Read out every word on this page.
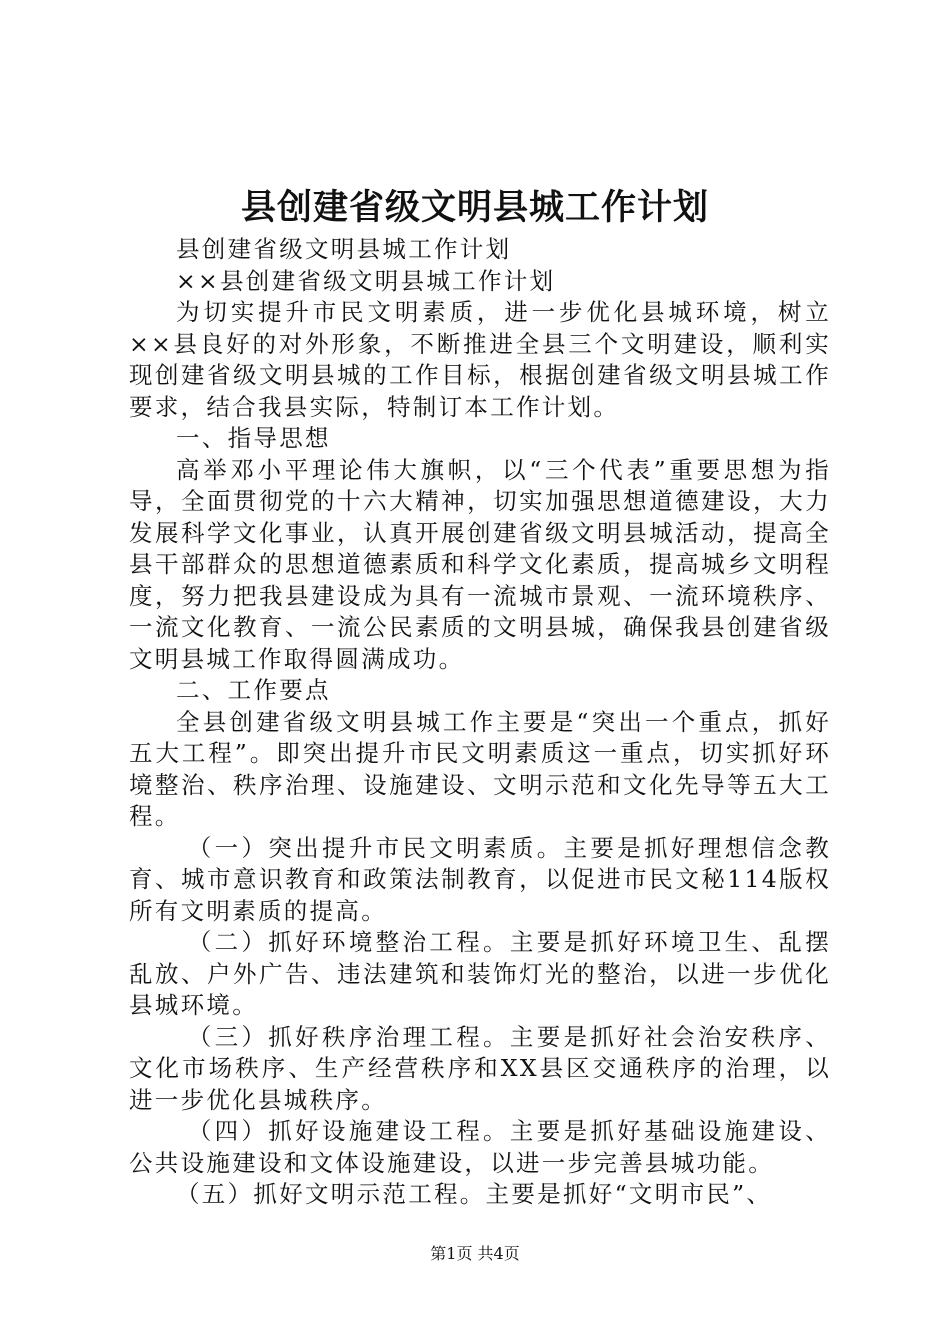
县创建省级文明县城工作计划

县创建省级文明县城工作计划

××县创建省级文明县城工作计划

为切实提升市民文明素质，进一步优化县城环境，树立××县良好的对外形象，不断推进全县三个文明建设，顺利实现创建省级文明县城的工作目标，根据创建省级文明县城工作要求，结合我县实际，特制订本工作计划。

一、指导思想

高举邓小平理论伟大旗帜，以“三个代表”重要思想为指导，全面贯彻党的十六大精神，切实加强思想道德建设，大力发展科学文化事业，认真开展创建省级文明县城活动，提高全县干部群众的思想道德素质和科学文化素质，提高城乡文明程度，努力把我县建设成为具有一流城市景观、一流环境秩序、一流文化教育、一流公民素质的文明县城，确保我县创建省级文明县城工作取得圆满成功。

二、工作要点

全县创建省级文明县城工作主要是“突出一个重点，抓好五大工程”。即突出提升市民文明素质这一重点，切实抓好环境整治、秩序治理、设施建设、文明示范和文化先导等五大工程。

（一）突出提升市民文明素质。主要是抓好理想信念教育、城市意识教育和政策法制教育，以促进市民文秘114版权所有文明素质的提高。

（二）抓好环境整治工程。主要是抓好环境卫生、乱摆乱放、户外广告、违法建筑和装饰灯光的整治，以进一步优化县城环境。

（三）抓好秩序治理工程。主要是抓好社会治安秩序、文化市场秩序、生产经营秩序和XX县区交通秩序的治理，以进一步优化县城秩序。

（四）抓好设施建设工程。主要是抓好基础设施建设、公共设施建设和文体设施建设，以进一步完善县城功能。

（五）抓好文明示范工程。主要是抓好“文明市民”、

第1页 共4页
